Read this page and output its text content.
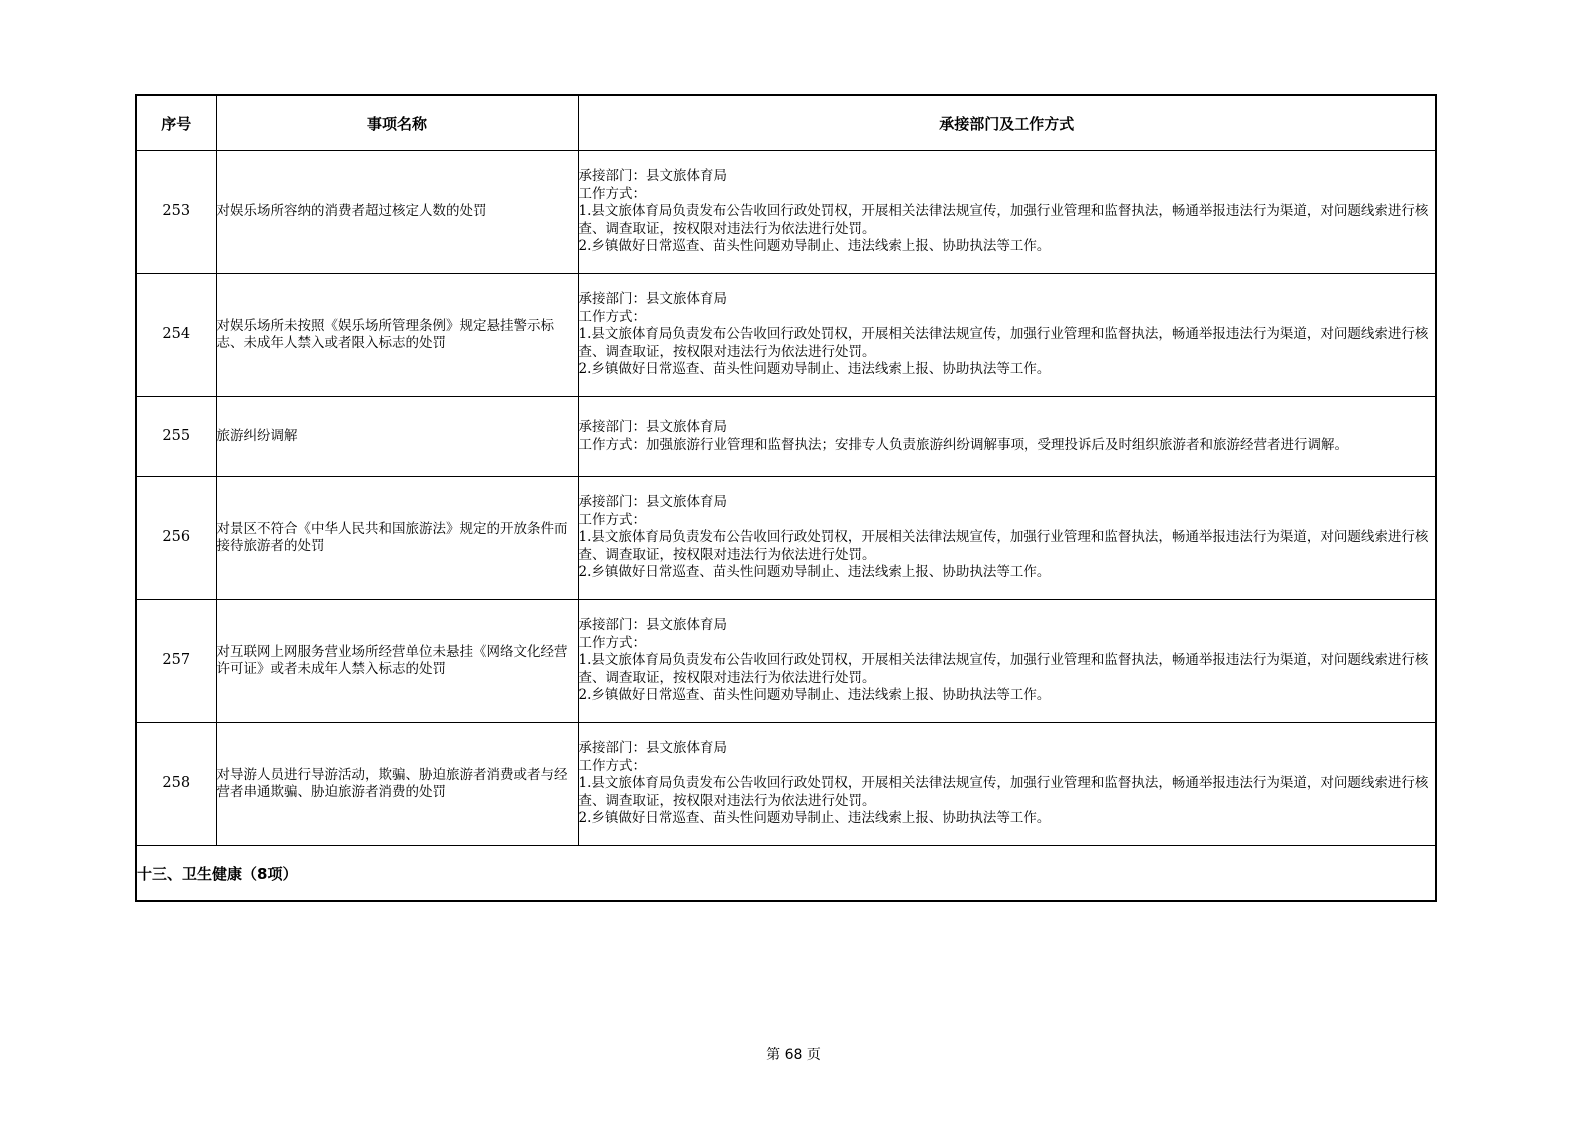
序号	事项名称	承接部门及工作方式
253	对娱乐场所容纳的消费者超过核定人数的处罚	承接部门：县文旅体育局
工作方式：
1.县文旅体育局负责发布公告收回行政处罚权，开展相关法律法规宣传，加强行业管理和监督执法，畅通举报违法行为渠道，对问题线索进行核查、调查取证，按权限对违法行为依法进行处罚。
2.乡镇做好日常巡查、苗头性问题劝导制止、违法线索上报、协助执法等工作。

254	对娱乐场所未按照《娱乐场所管理条例》规定悬挂警示标志、未成年人禁入或者限入标志的处罚	承接部门：县文旅体育局
工作方式：
1.县文旅体育局负责发布公告收回行政处罚权，开展相关法律法规宣传，加强行业管理和监督执法，畅通举报违法行为渠道，对问题线索进行核查、调查取证，按权限对违法行为依法进行处罚。
2.乡镇做好日常巡查、苗头性问题劝导制止、违法线索上报、协助执法等工作。

255	旅游纠纷调解	承接部门：县文旅体育局
工作方式：加强旅游行业管理和监督执法；安排专人负责旅游纠纷调解事项，受理投诉后及时组织旅游者和旅游经营者进行调解。

256	对景区不符合《中华人民共和国旅游法》规定的开放条件而接待旅游者的处罚	承接部门：县文旅体育局
工作方式：
1.县文旅体育局负责发布公告收回行政处罚权，开展相关法律法规宣传，加强行业管理和监督执法，畅通举报违法行为渠道，对问题线索进行核查、调查取证，按权限对违法行为依法进行处罚。
2.乡镇做好日常巡查、苗头性问题劝导制止、违法线索上报、协助执法等工作。

257	对互联网上网服务营业场所经营单位未悬挂《网络文化经营许可证》或者未成年人禁入标志的处罚	承接部门：县文旅体育局
工作方式：
1.县文旅体育局负责发布公告收回行政处罚权，开展相关法律法规宣传，加强行业管理和监督执法，畅通举报违法行为渠道，对问题线索进行核查、调查取证，按权限对违法行为依法进行处罚。
2.乡镇做好日常巡查、苗头性问题劝导制止、违法线索上报、协助执法等工作。

258	对导游人员进行导游活动，欺骗、胁迫旅游者消费或者与经营者串通欺骗、胁迫旅游者消费的处罚	承接部门：县文旅体育局
工作方式：
1.县文旅体育局负责发布公告收回行政处罚权，开展相关法律法规宣传，加强行业管理和监督执法，畅通举报违法行为渠道，对问题线索进行核查、调查取证，按权限对违法行为依法进行处罚。
2.乡镇做好日常巡查、苗头性问题劝导制止、违法线索上报、协助执法等工作。

十三、卫生健康（8项）		
第 68 页
